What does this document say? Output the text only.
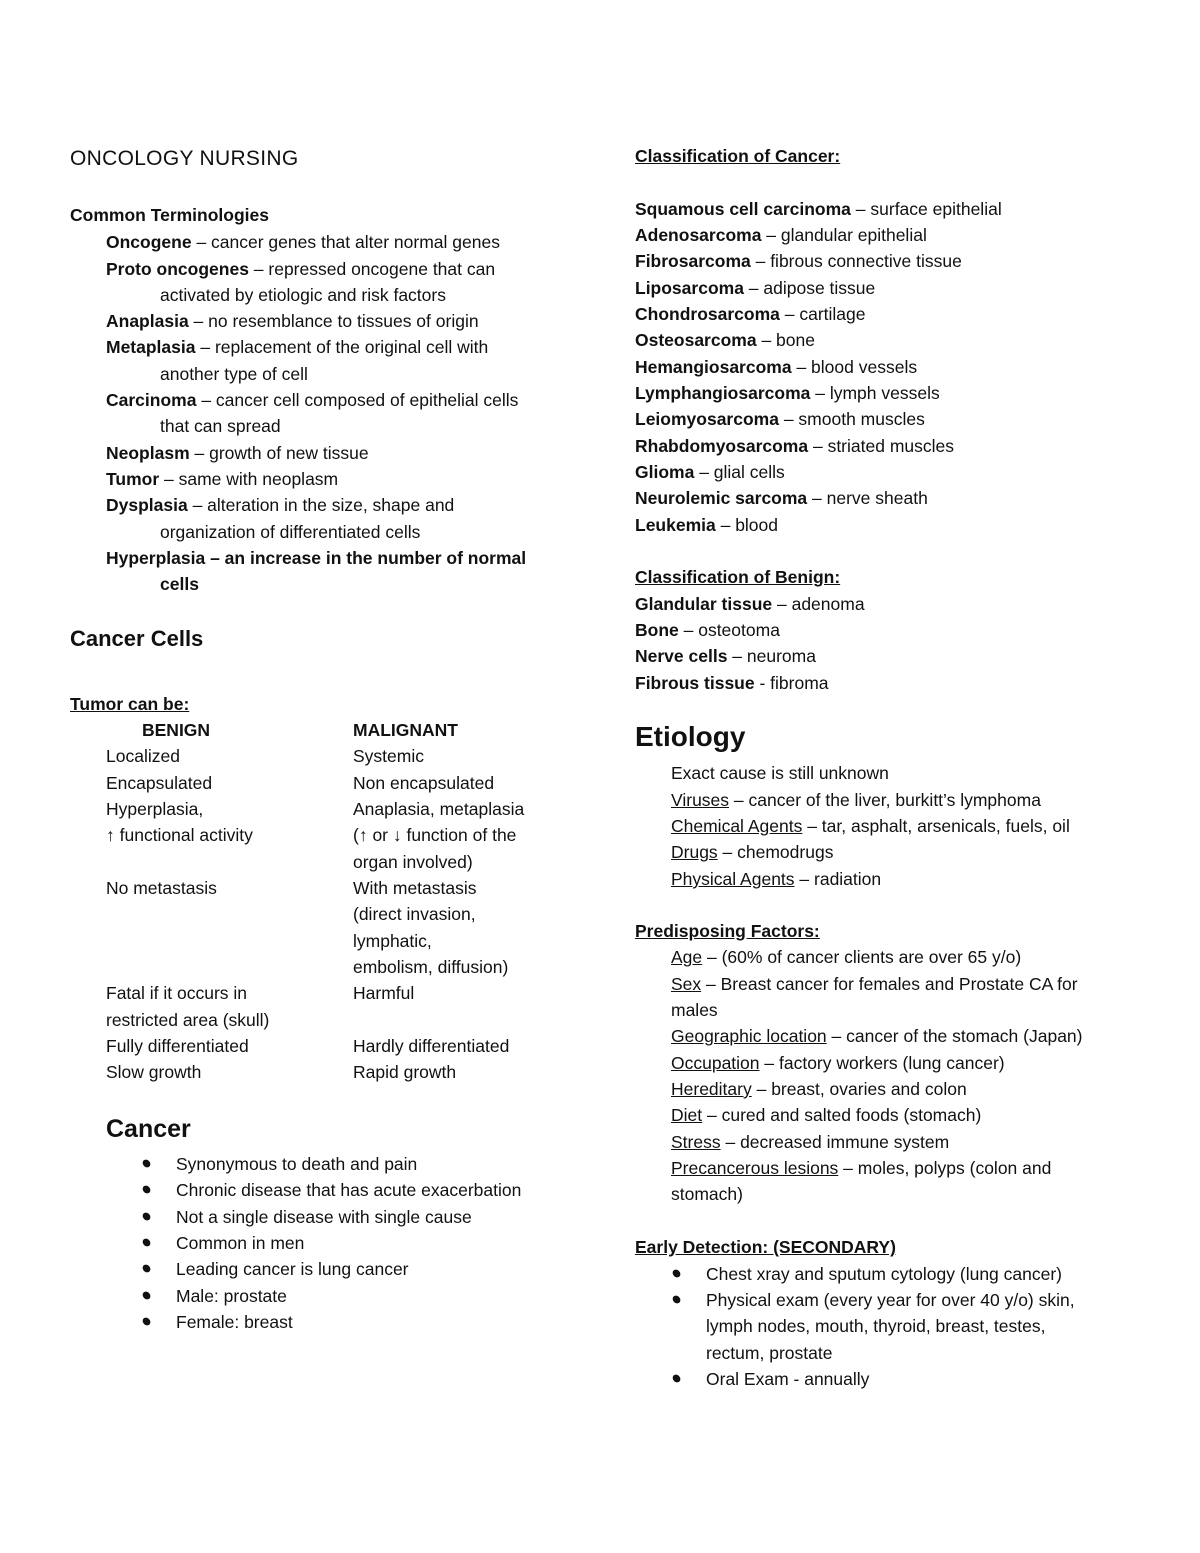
ONCOLOGY NURSING
Common Terminologies
Oncogene – cancer genes that alter normal genes
Proto oncogenes – repressed oncogene that can
activated by etiologic and risk factors
Anaplasia – no resemblance to tissues of origin
Metaplasia – replacement of the original cell with
another type of cell
Carcinoma – cancer cell composed of epithelial cells
that can spread
Neoplasm – growth of new tissue
Tumor – same with neoplasm
Dysplasia – alteration in the size, shape and
organization of differentiated cells
Hyperplasia – an increase in the number of normal
cells
Cancer Cells
Tumor can be:
BENIGN	MALIGNANT
Localized
Encapsulated
Hyperplasia,
↑ functional activity
No metastasis
Fatal if it occurs in
restricted area (skull)
Fully differentiated
Slow growth
Systemic
Non encapsulated
Anaplasia, metaplasia
(↑ or ↓ function of the
organ involved)
With metastasis
(direct invasion,
lymphatic,
embolism, diffusion)
Harmful
Hardly differentiated
Rapid growth
Cancer
Synonymous to death and pain
Chronic disease that has acute exacerbation
Not a single disease with single cause
Common in men
Leading cancer is lung cancer
Male: prostate
Female: breast
Classification of Cancer:
Squamous cell carcinoma – surface epithelial
Adenosarcoma – glandular epithelial
Fibrosarcoma – fibrous connective tissue
Liposarcoma – adipose tissue
Chondrosarcoma – cartilage
Osteosarcoma – bone
Hemangiosarcoma – blood vessels
Lymphangiosarcoma – lymph vessels
Leiomyosarcoma – smooth muscles
Rhabdomyosarcoma – striated muscles
Glioma – glial cells
Neurolemic sarcoma – nerve sheath
Leukemia – blood
Classification of Benign:
Glandular tissue – adenoma
Bone – osteotoma
Nerve cells – neuroma
Fibrous tissue - fibroma
Etiology
Exact cause is still unknown
Viruses – cancer of the liver, burkitt’s lymphoma
Chemical Agents – tar, asphalt, arsenicals, fuels, oil
Drugs – chemodrugs
Physical Agents – radiation
Predisposing Factors:
Age – (60% of cancer clients are over 65 y/o)
Sex – Breast cancer for females and Prostate CA for
males
Geographic location – cancer of the stomach (Japan)
Occupation – factory workers (lung cancer)
Hereditary – breast, ovaries and colon
Diet – cured and salted foods (stomach)
Stress – decreased immune system
Precancerous lesions – moles, polyps (colon and
stomach)
Early Detection: (SECONDARY)
Chest xray and sputum cytology (lung cancer)
Physical exam (every year for over 40 y/o) skin,
lymph nodes, mouth, thyroid, breast, testes,
rectum, prostate
Oral Exam - annually
